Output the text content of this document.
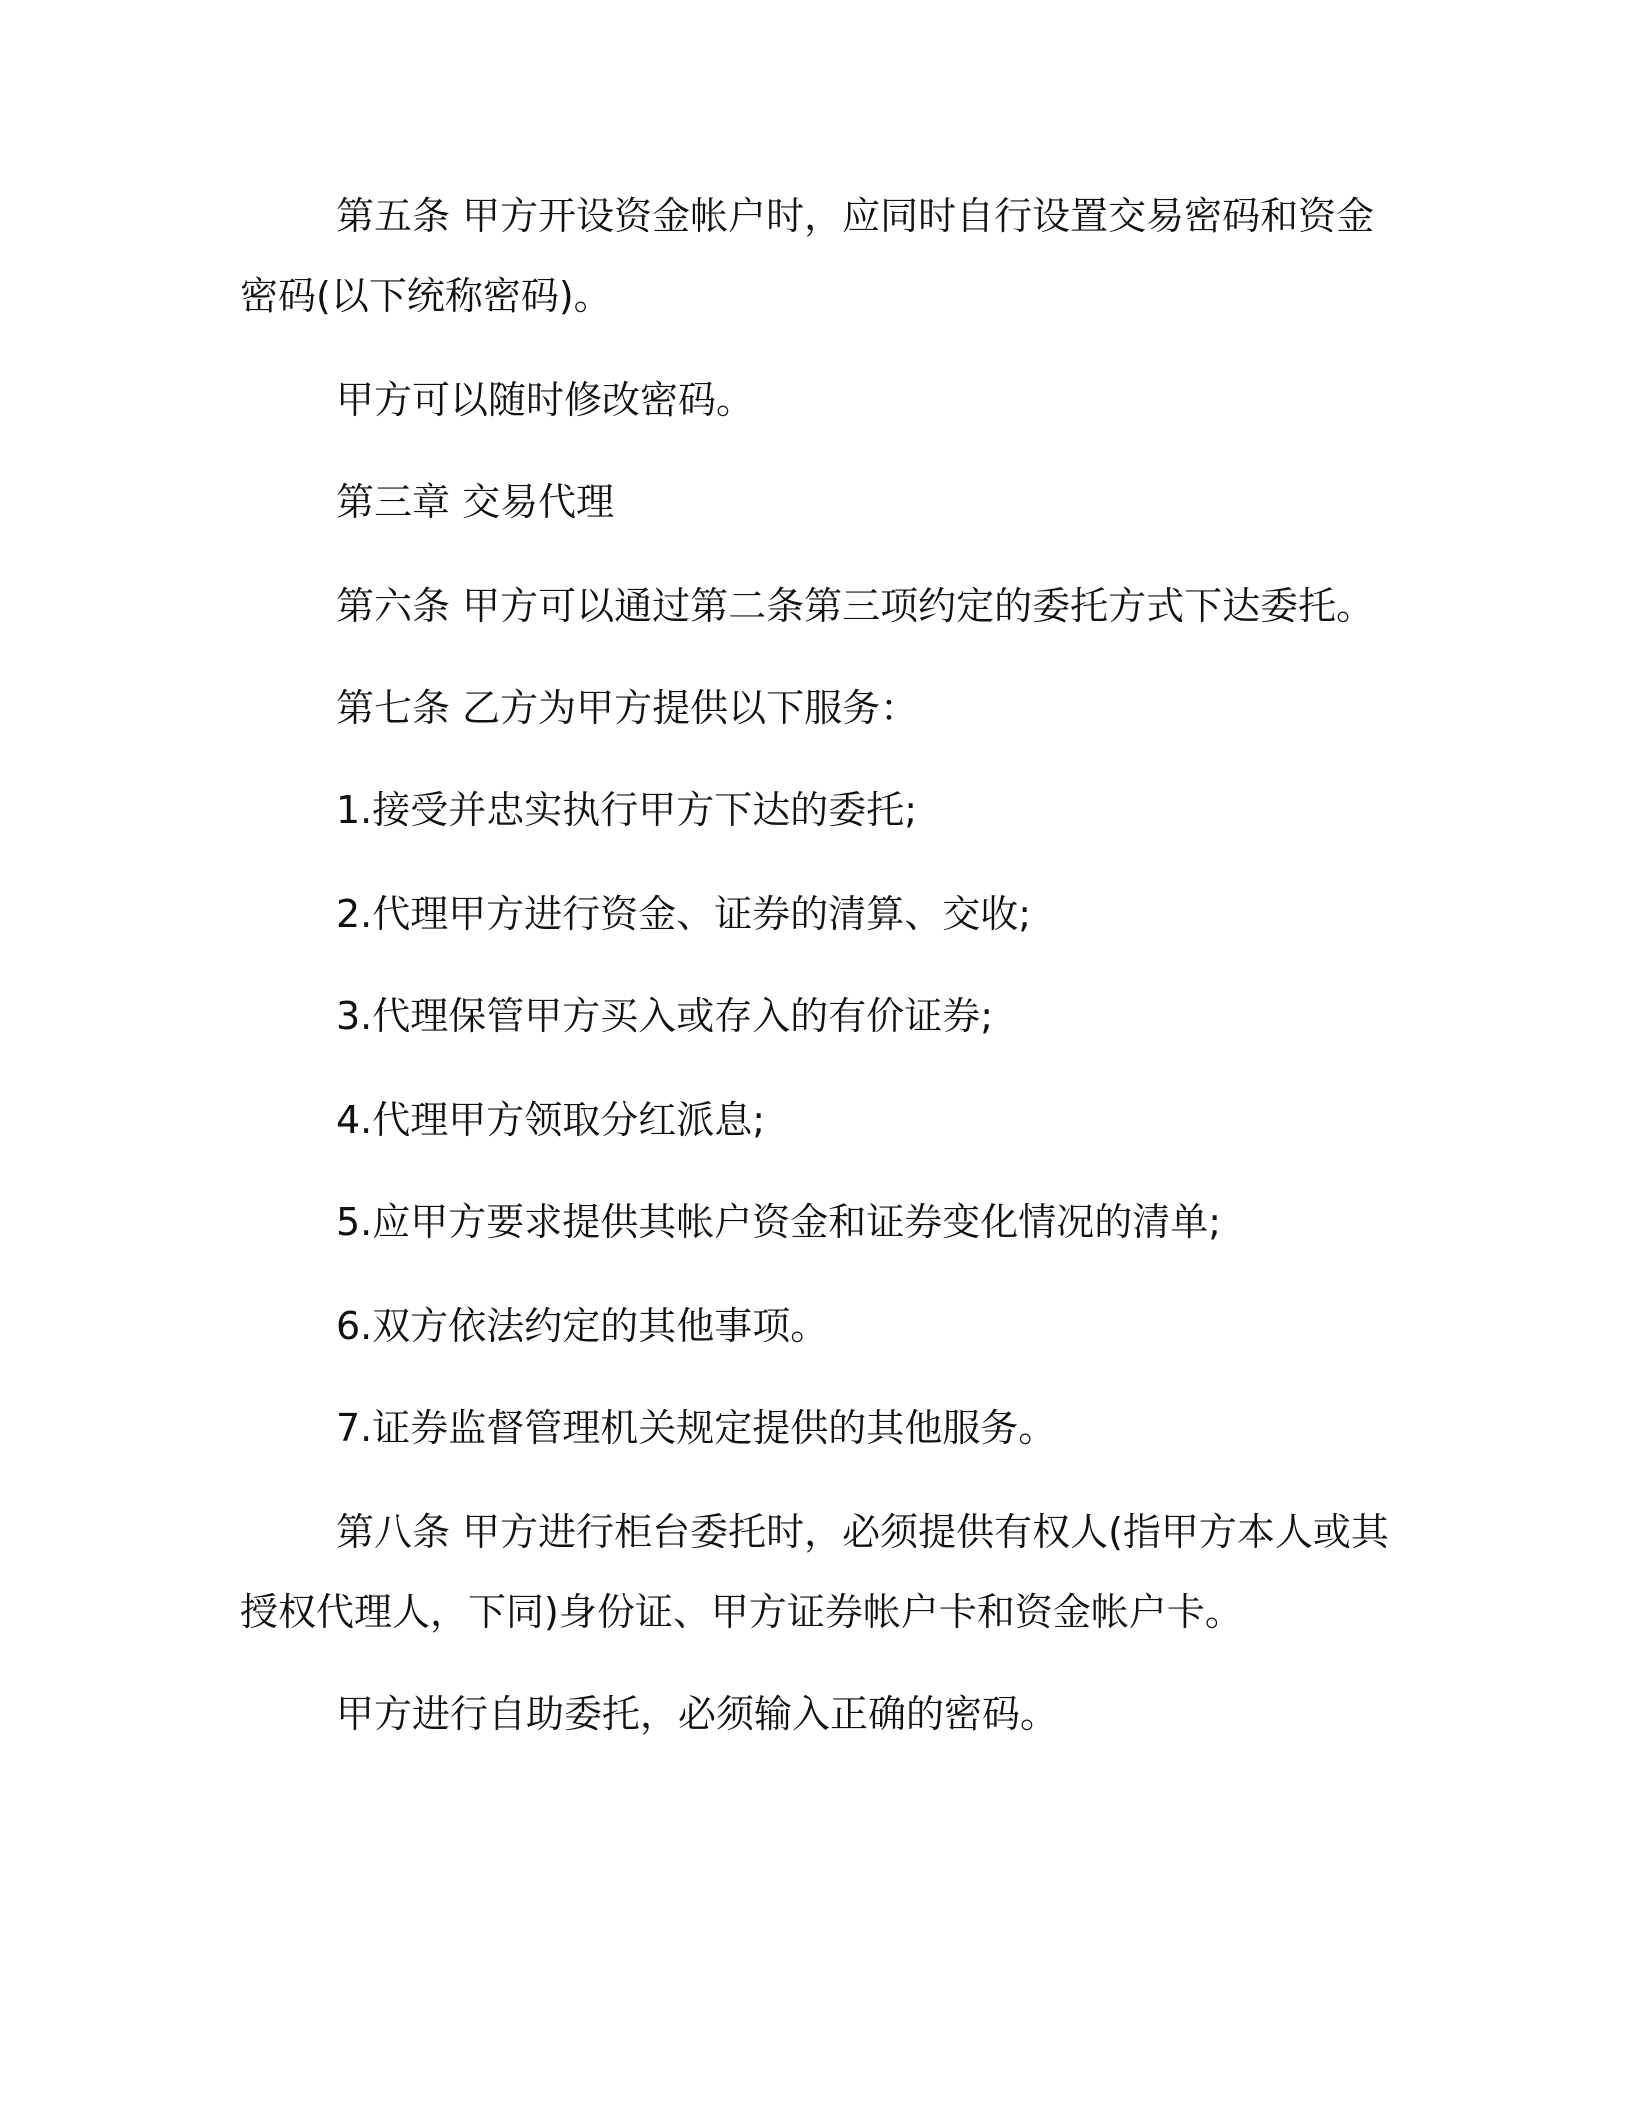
第五条 甲方开设资金帐户时，应同时自行设置交易密码和资金密码(以下统称密码)。

甲方可以随时修改密码。

第三章 交易代理

第六条 甲方可以通过第二条第三项约定的委托方式下达委托。

第七条 乙方为甲方提供以下服务：

1.接受并忠实执行甲方下达的委托;

2.代理甲方进行资金、证券的清算、交收;

3.代理保管甲方买入或存入的有价证券;

4.代理甲方领取分红派息;

5.应甲方要求提供其帐户资金和证券变化情况的清单;

6.双方依法约定的其他事项。

7.证券监督管理机关规定提供的其他服务。

第八条 甲方进行柜台委托时，必须提供有权人(指甲方本人或其授权代理人，下同)身份证、甲方证券帐户卡和资金帐户卡。

甲方进行自助委托，必须输入正确的密码。
